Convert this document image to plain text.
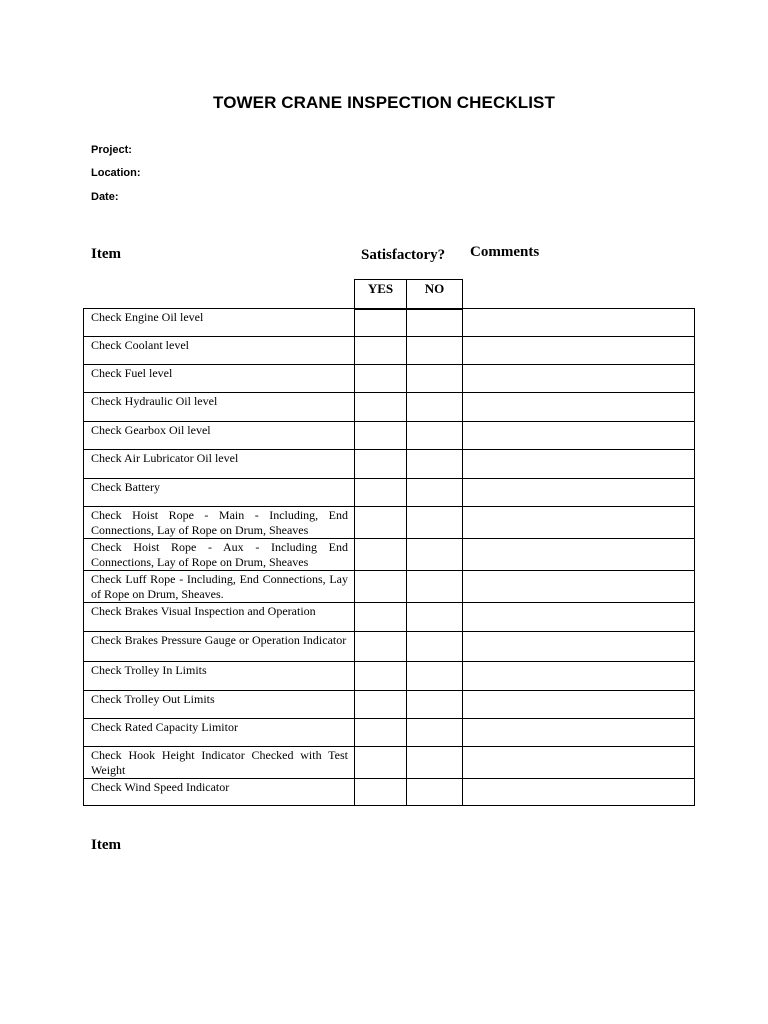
TOWER CRANE INSPECTION CHECKLIST
Project:
Location:
Date:
Item	Satisfactory? Comments
YES	NO
Check Engine Oil level			
Check Coolant level			
Check Fuel level			
Check Hydraulic Oil level			
Check Gearbox Oil level			
Check Air Lubricator Oil level			
Check Battery			
Check Hoist Rope - Main - Including, End Connections, Lay of Rope on Drum, Sheaves			
Check Hoist Rope - Aux - Including End Connections, Lay of Rope on Drum, Sheaves			
Check Luff Rope - Including, End Connections, Lay of Rope on Drum, Sheaves.			
Check Brakes Visual Inspection and Operation			
Check Brakes Pressure Gauge or Operation Indicator			
Check Trolley In Limits			
Check Trolley Out Limits			
Check Rated Capacity Limitor			
Check Hook Height Indicator Checked with Test Weight			
Check Wind Speed Indicator			
Item
